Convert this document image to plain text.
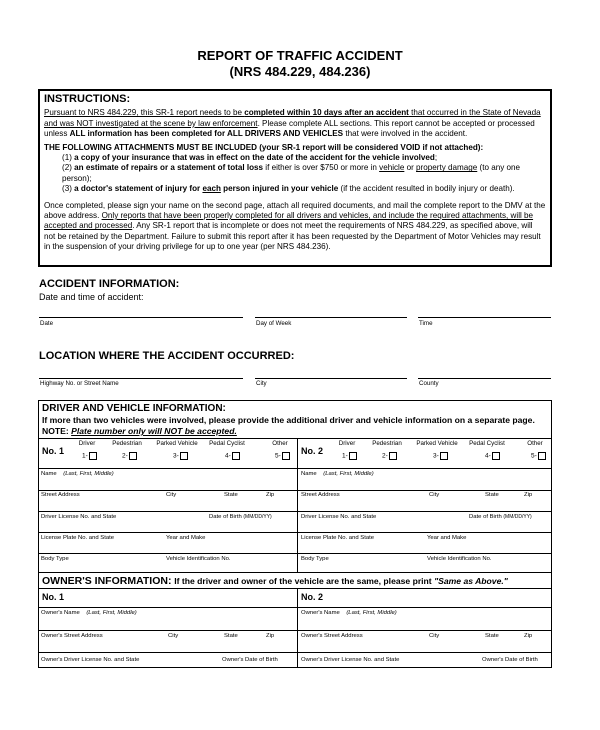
REPORT OF TRAFFIC ACCIDENT
(NRS 484.229, 484.236)
INSTRUCTIONS:

Pursuant to NRS 484.229, this SR-1 report needs to be completed within 10 days after an accident that occurred in the State of Nevada and was NOT investigated at the scene by law enforcement. Please complete ALL sections. This report cannot be accepted or processed unless ALL information has been completed for ALL DRIVERS AND VEHICLES that were involved in the accident.

THE FOLLOWING ATTACHMENTS MUST BE INCLUDED (your SR-1 report will be considered VOID if not attached):

(1) a copy of your insurance that was in effect on the date of the accident for the vehicle involved;

(2) an estimate of repairs or a statement of total loss if either is over $750 or more in vehicle or property damage (to any one person);

(3) a doctor's statement of injury for each person injured in your vehicle (if the accident resulted in bodily injury or death).

Once completed, please sign your name on the second page, attach all required documents, and mail the complete report to the DMV at the above address. Only reports that have been properly completed for all drivers and vehicles, and include the required attachments, will be accepted and processed. Any SR-1 report that is incomplete or does not meet the requirements of NRS 484.229, as specified above, will not be retained by the Department. Failure to submit this report after it has been requested by the Department of Motor Vehicles may result in the suspension of your driving privilege for up to one year (per NRS 484.236).

ACCIDENT INFORMATION:
Date and time of accident:
Date	Day of Week	Time
LOCATION WHERE THE ACCIDENT OCCURRED:
Highway No. or Street Name	City	County
DRIVER AND VEHICLE INFORMATION:
If more than two vehicles were involved, please provide the additional driver and vehicle information on a separate page. NOTE: Plate number only will NOT be accepted.
No. 1
Driver	Pedestrian	Parked Vehicle	Pedal Cyclist	Other
1-	2-	3-	4-	5-
No. 2
Driver	Pedestrian	Parked Vehicle	Pedal Cyclist	Other
1-	2-	3-	4-	5-
Name (Last, First, Middle)	Name (Last, First, Middle)
Street Address	City	State	Zip	Street Address	City	State	Zip
Driver License No. and State	Date of Birth (MM/DD/YY)	Driver License No. and State	Date of Birth (MM/DD/YY)
License Plate No. and State	Year and Make	License Plate No. and State	Year and Make
Body Type	Vehicle Identification No.	Body Type	Vehicle Identification No.
OWNER'S INFORMATION: If the driver and owner of the vehicle are the same, please print "Same as Above."
No. 1	No. 2
Owner's Name (Last, First, Middle)	Owner's Name (Last, First, Middle)
Owner's Street Address	City	State	Zip	Owner's Street Address	City	State	Zip
Owner's Driver License No. and State	Owner's Date of Birth	Owner's Driver License No. and State	Owner's Date of Birth
